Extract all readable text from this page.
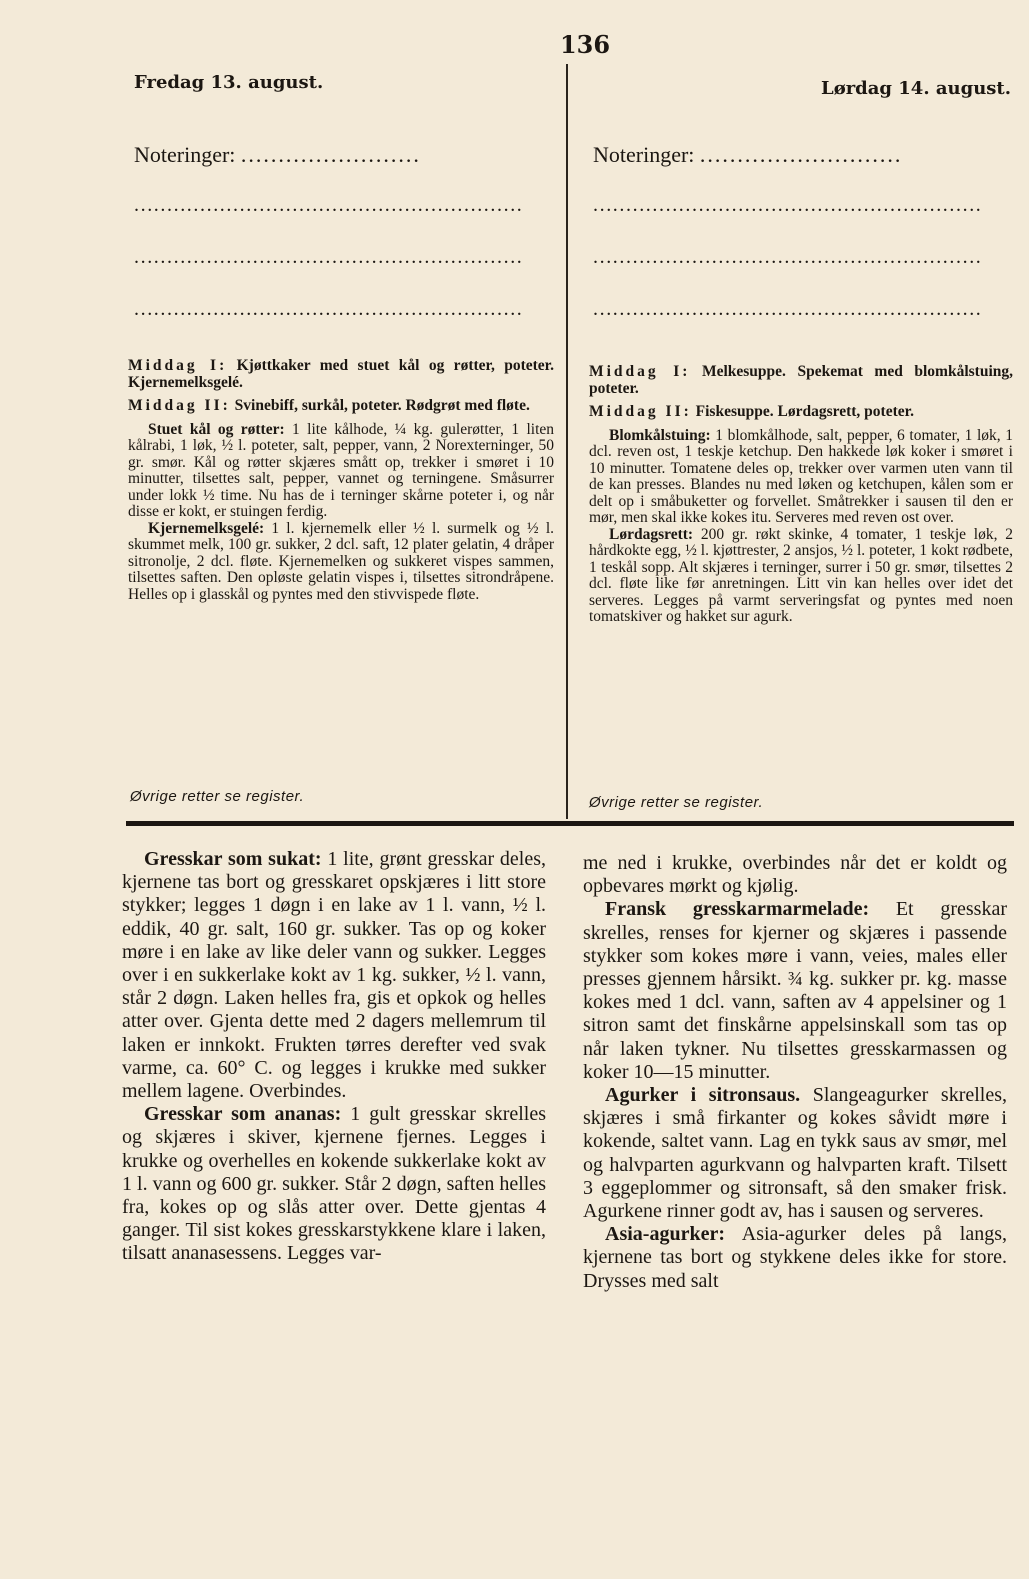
136
Fredag 13. august.	Lørdag 14. august.
Noteringer: ........................
...........................................................
...........................................................
...........................................................
Noteringer: ...........................
...........................................................
...........................................................
...........................................................

Middag I: Kjøttkaker med stuet kål og røtter, poteter. Kjernemelksgelé.

Middag II: Svinebiff, surkål, poteter. Rødgrøt med fløte.

Stuet kål og røtter: 1 lite kålhode, ¼ kg. gulerøtter, 1 liten kålrabi, 1 løk, ½ l. poteter, salt, pepper, vann, 2 Norexterninger, 50 gr. smør. Kål og røtter skjæres smått op, trekker i smøret i 10 minutter, tilsettes salt, pepper, vannet og terningene. Småsurrer under lokk ½ time. Nu has de i terninger skårne poteter i, og når disse er kokt, er stuingen ferdig.

Kjernemelksgelé: 1 l. kjernemelk eller ½ l. surmelk og ½ l. skummet melk, 100 gr. sukker, 2 dcl. saft, 12 plater gelatin, 4 dråper sitronolje, 2 dcl. fløte. Kjernemelken og sukkeret vispes sammen, tilsettes saften. Den opløste gelatin vispes i, tilsettes sitrondråpene. Helles op i glasskål og pyntes med den stivvispede fløte.

Øvrige retter se register.

Middag I: Melkesuppe. Spekemat med blomkålstuing, poteter.

Middag II: Fiskesuppe. Lørdagsrett, poteter.

Blomkålstuing: 1 blomkålhode, salt, pepper, 6 tomater, 1 løk, 1 dcl. reven ost, 1 teskje ketchup. Den hakkede løk koker i smøret i 10 minutter. Tomatene deles op, trekker over varmen uten vann til de kan presses. Blandes nu med løken og ketchupen, kålen som er delt op i småbuketter og forvellet. Småtrekker i sausen til den er mør, men skal ikke kokes itu. Serveres med reven ost over.

Lørdagsrett: 200 gr. røkt skinke, 4 tomater, 1 teskje løk, 2 hårdkokte egg, ½ l. kjøttrester, 2 ansjos, ½ l. poteter, 1 kokt rødbete, 1 teskål sopp. Alt skjæres i terninger, surrer i 50 gr. smør, tilsettes 2 dcl. fløte like før anretningen. Litt vin kan helles over idet det serveres. Legges på varmt serveringsfat og pyntes med noen tomatskiver og hakket sur agurk.

Øvrige retter se register.

Gresskar som sukat: 1 lite, grønt gresskar deles, kjernene tas bort og gresskaret opskjæres i litt store stykker; legges 1 døgn i en lake av 1 l. vann, ½ l. eddik, 40 gr. salt, 160 gr. sukker. Tas op og koker møre i en lake av like deler vann og sukker. Legges over i en sukkerlake kokt av 1 kg. sukker, ½ l. vann, står 2 døgn. Laken helles fra, gis et opkok og helles atter over. Gjenta dette med 2 dagers mellemrum til laken er innkokt. Frukten tørres derefter ved svak varme, ca. 60° C. og legges i krukke med sukker mellem lagene. Overbindes.

Gresskar som ananas: 1 gult gresskar skrelles og skjæres i skiver, kjernene fjernes. Legges i krukke og overhelles en kokende sukkerlake kokt av 1 l. vann og 600 gr. sukker. Står 2 døgn, saften helles fra, kokes op og slås atter over. Dette gjentas 4 ganger. Til sist kokes gresskarstykkene klare i laken, tilsatt ananasessens. Legges var-

me ned i krukke, overbindes når det er koldt og opbevares mørkt og kjølig.

Fransk gresskarmarmelade: Et gresskar skrelles, renses for kjerner og skjæres i passende stykker som kokes møre i vann, veies, males eller presses gjennem hårsikt. ¾ kg. sukker pr. kg. masse kokes med 1 dcl. vann, saften av 4 appelsiner og 1 sitron samt det finskårne appelsinskall som tas op når laken tykner. Nu tilsettes gresskarmassen og koker 10—15 minutter.

Agurker i sitronsaus. Slangeagurker skrelles, skjæres i små firkanter og kokes såvidt møre i kokende, saltet vann. Lag en tykk saus av smør, mel og halvparten agurkvann og halvparten kraft. Tilsett 3 eggeplommer og sitronsaft, så den smaker frisk. Agurkene rinner godt av, has i sausen og serveres.

Asia-agurker: Asia-agurker deles på langs, kjernene tas bort og stykkene deles ikke for store. Drysses med salt
